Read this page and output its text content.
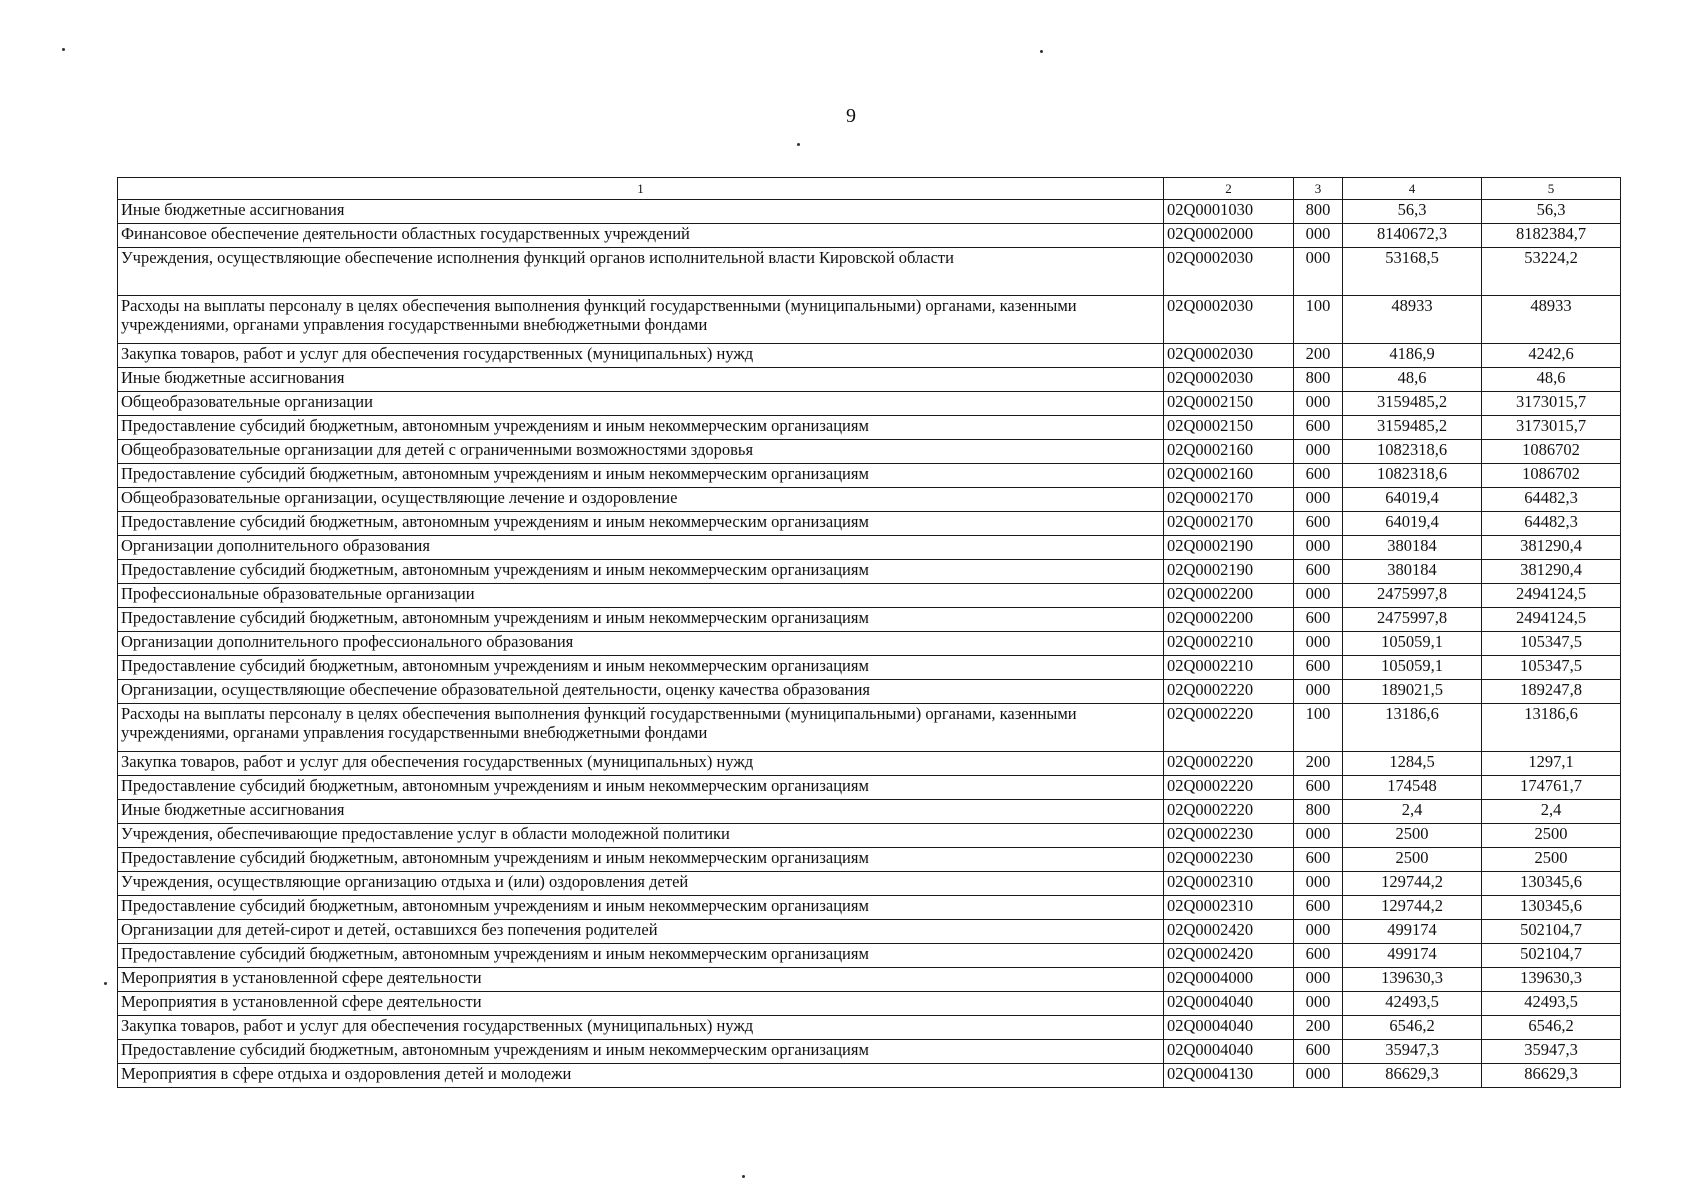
9
1	2	3	4	5
Иные бюджетные ассигнования	02Q0001030	800	56,3	56,3
Финансовое обеспечение деятельности областных государственных учреждений	02Q0002000	000	8140672,3	8182384,7
Учреждения, осуществляющие обеспечение исполнения функций органов исполнительной власти Кировской области	02Q0002030	000	53168,5	53224,2
Расходы на выплаты персоналу в целях обеспечения выполнения функций государственными (муниципальными) органами, казенными учреждениями, органами управления государственными внебюджетными фондами	02Q0002030	100	48933	48933
Закупка товаров, работ и услуг для обеспечения государственных (муниципальных) нужд	02Q0002030	200	4186,9	4242,6
Иные бюджетные ассигнования	02Q0002030	800	48,6	48,6
Общеобразовательные организации	02Q0002150	000	3159485,2	3173015,7
Предоставление субсидий бюджетным, автономным учреждениям и иным некоммерческим организациям	02Q0002150	600	3159485,2	3173015,7
Общеобразовательные организации для детей с ограниченными возможностями здоровья	02Q0002160	000	1082318,6	1086702
Предоставление субсидий бюджетным, автономным учреждениям и иным некоммерческим организациям	02Q0002160	600	1082318,6	1086702
Общеобразовательные организации, осуществляющие лечение и оздоровление	02Q0002170	000	64019,4	64482,3
Предоставление субсидий бюджетным, автономным учреждениям и иным некоммерческим организациям	02Q0002170	600	64019,4	64482,3
Организации дополнительного образования	02Q0002190	000	380184	381290,4
Предоставление субсидий бюджетным, автономным учреждениям и иным некоммерческим организациям	02Q0002190	600	380184	381290,4
Профессиональные образовательные организации	02Q0002200	000	2475997,8	2494124,5
Предоставление субсидий бюджетным, автономным учреждениям и иным некоммерческим организациям	02Q0002200	600	2475997,8	2494124,5
Организации дополнительного профессионального образования	02Q0002210	000	105059,1	105347,5
Предоставление субсидий бюджетным, автономным учреждениям и иным некоммерческим организациям	02Q0002210	600	105059,1	105347,5
Организации, осуществляющие обеспечение образовательной деятельности, оценку качества образования	02Q0002220	000	189021,5	189247,8
Расходы на выплаты персоналу в целях обеспечения выполнения функций государственными (муниципальными) органами, казенными учреждениями, органами управления государственными внебюджетными фондами	02Q0002220	100	13186,6	13186,6
Закупка товаров, работ и услуг для обеспечения государственных (муниципальных) нужд	02Q0002220	200	1284,5	1297,1
Предоставление субсидий бюджетным, автономным учреждениям и иным некоммерческим организациям	02Q0002220	600	174548	174761,7
Иные бюджетные ассигнования	02Q0002220	800	2,4	2,4
Учреждения, обеспечивающие предоставление услуг в области молодежной политики	02Q0002230	000	2500	2500
Предоставление субсидий бюджетным, автономным учреждениям и иным некоммерческим организациям	02Q0002230	600	2500	2500
Учреждения, осуществляющие организацию отдыха и (или) оздоровления детей	02Q0002310	000	129744,2	130345,6
Предоставление субсидий бюджетным, автономным учреждениям и иным некоммерческим организациям	02Q0002310	600	129744,2	130345,6
Организации для детей-сирот и детей, оставшихся без попечения родителей	02Q0002420	000	499174	502104,7
Предоставление субсидий бюджетным, автономным учреждениям и иным некоммерческим организациям	02Q0002420	600	499174	502104,7
Мероприятия в установленной сфере деятельности	02Q0004000	000	139630,3	139630,3
Мероприятия в установленной сфере деятельности	02Q0004040	000	42493,5	42493,5
Закупка товаров, работ и услуг для обеспечения государственных (муниципальных) нужд	02Q0004040	200	6546,2	6546,2
Предоставление субсидий бюджетным, автономным учреждениям и иным некоммерческим организациям	02Q0004040	600	35947,3	35947,3
Мероприятия в сфере отдыха и оздоровления детей и молодежи	02Q0004130	000	86629,3	86629,3
